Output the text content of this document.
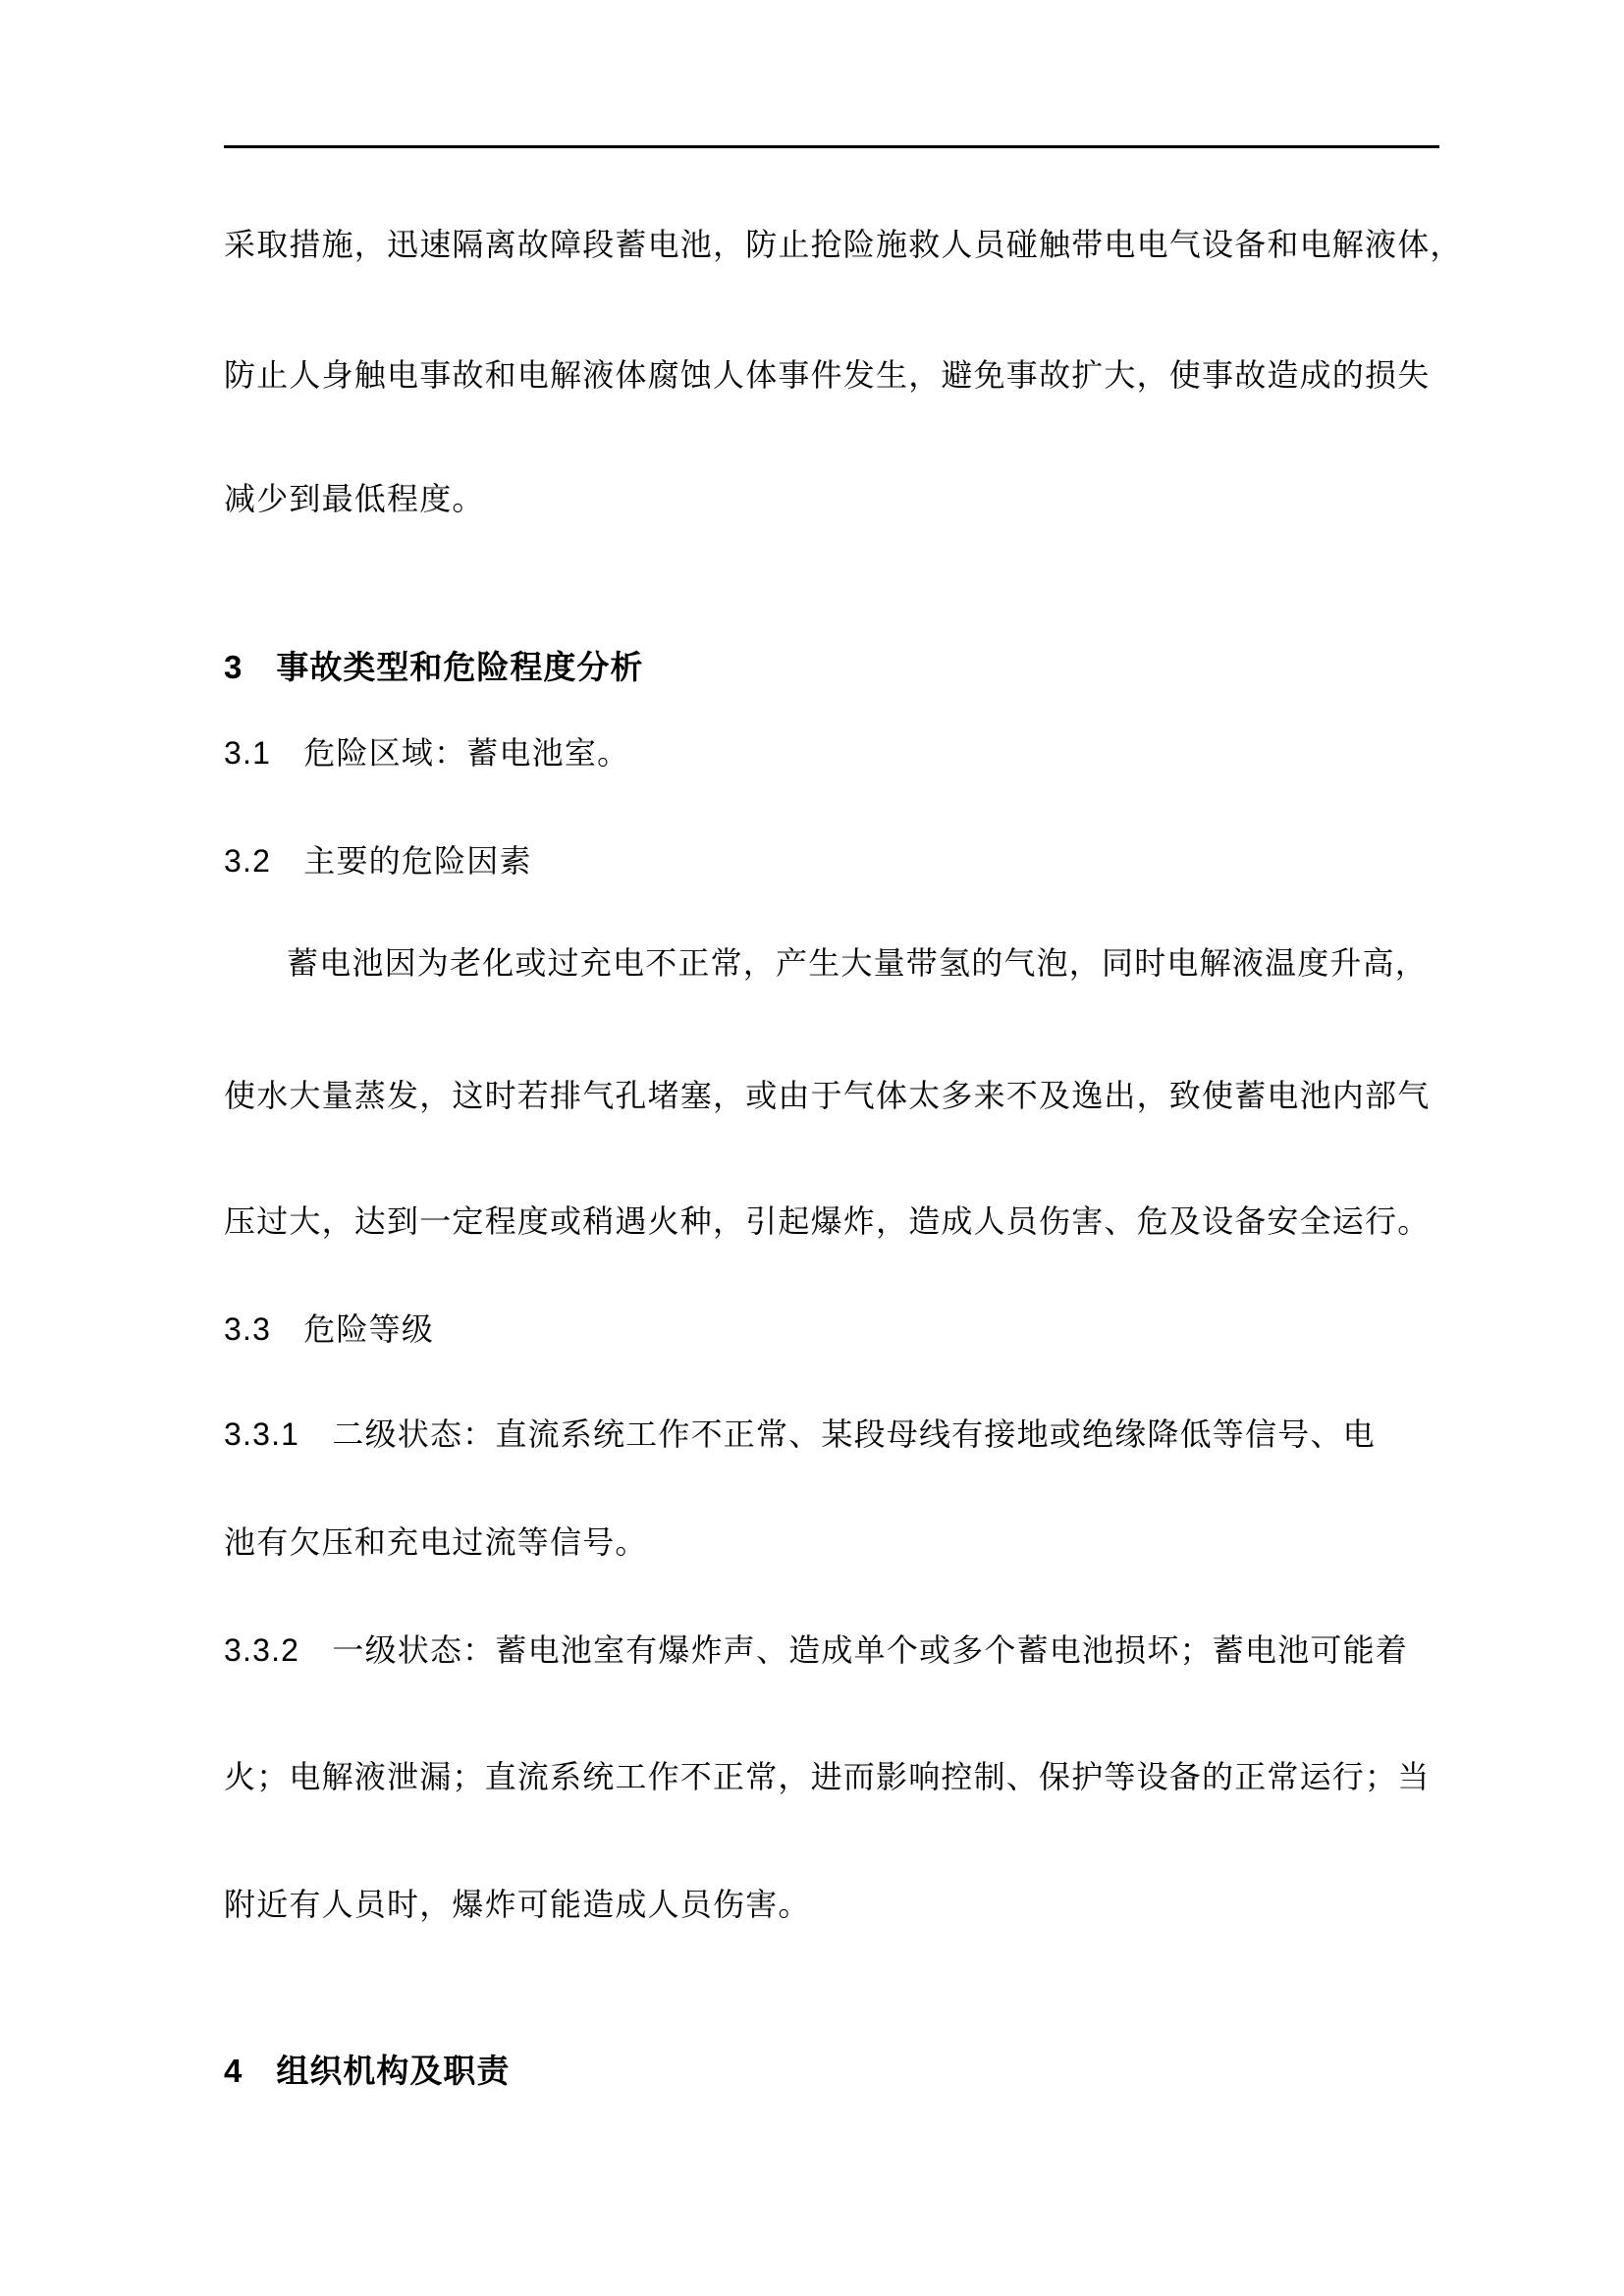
采取措施，迅速隔离故障段蓄电池，防止抢险施救人员碰触带电电气设备和电解液体，
防止人身触电事故和电解液体腐蚀人体事件发生，避免事故扩大，使事故造成的损失
减少到最低程度。
3　事故类型和危险程度分析
3.1　危险区域：蓄电池室。
3.2　主要的危险因素
蓄电池因为老化或过充电不正常，产生大量带氢的气泡，同时电解液温度升高，
使水大量蒸发，这时若排气孔堵塞，或由于气体太多来不及逸出，致使蓄电池内部气
压过大，达到一定程度或稍遇火种，引起爆炸，造成人员伤害、危及设备安全运行。
3.3　危险等级
3.3.1　二级状态：直流系统工作不正常、某段母线有接地或绝缘降低等信号、电
池有欠压和充电过流等信号。
3.3.2　一级状态：蓄电池室有爆炸声、造成单个或多个蓄电池损坏；蓄电池可能着
火；电解液泄漏；直流系统工作不正常，进而影响控制、保护等设备的正常运行；当
附近有人员时，爆炸可能造成人员伤害。
4　组织机构及职责
